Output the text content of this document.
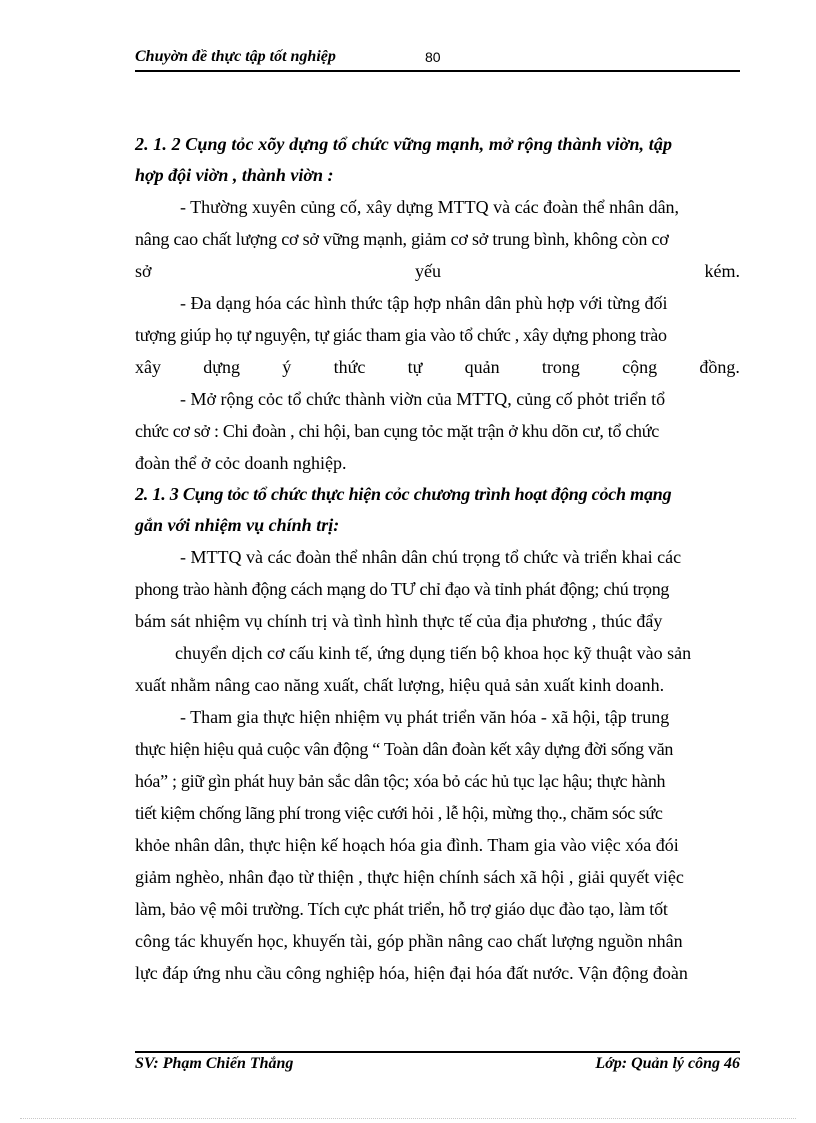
Chuyờn đề thực tập tốt nghiệp	80
2. 1. 2 Cụng tỏc xõy dựng tổ chức vững mạnh, mở rộng thành viờn, tập
hợp đội viờn , thành viờn :
- Thường xuyên củng cố, xây dựng MTTQ và các đoàn thể nhân dân,
nâng cao chất lượng cơ sở vững mạnh, giảm cơ sở trung bình, không còn cơ
sở	yếu	kém.
- Đa dạng hóa các hình thức tập hợp nhân dân phù hợp với từng đối
tượng giúp họ tự nguyện, tự giác tham gia vào tổ chức , xây dựng phong trào
xây dựng ý thức tự quản trong cộng đồng.
- Mở rộng cỏc tổ chức thành viờn của MTTQ, củng cố phỏt triển tổ
chức cơ sở : Chi đoàn , chi hội, ban cụng tỏc mặt trận ở khu dõn cư, tổ chức
đoàn thể ở cỏc doanh nghiệp.
2. 1. 3 Cụng tỏc tổ chức thực hiện cỏc chương trình hoạt động cỏch mạng
gắn với nhiệm vụ chính trị:
- MTTQ và các đoàn thể nhân dân chú trọng tổ chức và triển khai các
phong trào hành động cách mạng do TƯ chỉ đạo và tỉnh phát động; chú trọng
bám sát nhiệm vụ chính trị và tình hình thực tế của địa phương , thúc đẩy
chuyển dịch cơ cấu kinh tế, ứng dụng tiến bộ khoa học kỹ thuật vào sản
xuất nhằm nâng cao năng xuất, chất lượng, hiệu quả sản xuất kinh doanh.
- Tham gia thực hiện nhiệm vụ phát triển văn hóa - xã hội, tập trung
thực hiện hiệu quả cuộc vân động “ Toàn dân đoàn kết xây dựng đời sống văn
hóa” ; giữ gìn phát huy bản sắc dân tộc; xóa bỏ các hủ tục lạc hậu; thực hành
tiết kiệm chống lãng phí trong việc cưới hỏi , lễ hội, mừng thọ., chăm sóc sức
khỏe nhân dân, thực hiện kế hoạch hóa gia đình. Tham gia vào việc xóa đói
giảm nghèo, nhân đạo từ thiện , thực hiện chính sách xã hội , giải quyết việc
làm, bảo vệ môi trường. Tích cực phát triển, hỗ trợ giáo dục đào tạo, làm tốt
công tác khuyến học, khuyến tài, góp phần nâng cao chất lượng nguồn nhân
lực đáp ứng nhu cầu công nghiệp hóa, hiện đại hóa đất nước. Vận động đoàn
SV: Phạm Chiến Thắng	Lớp: Quản lý công 46
